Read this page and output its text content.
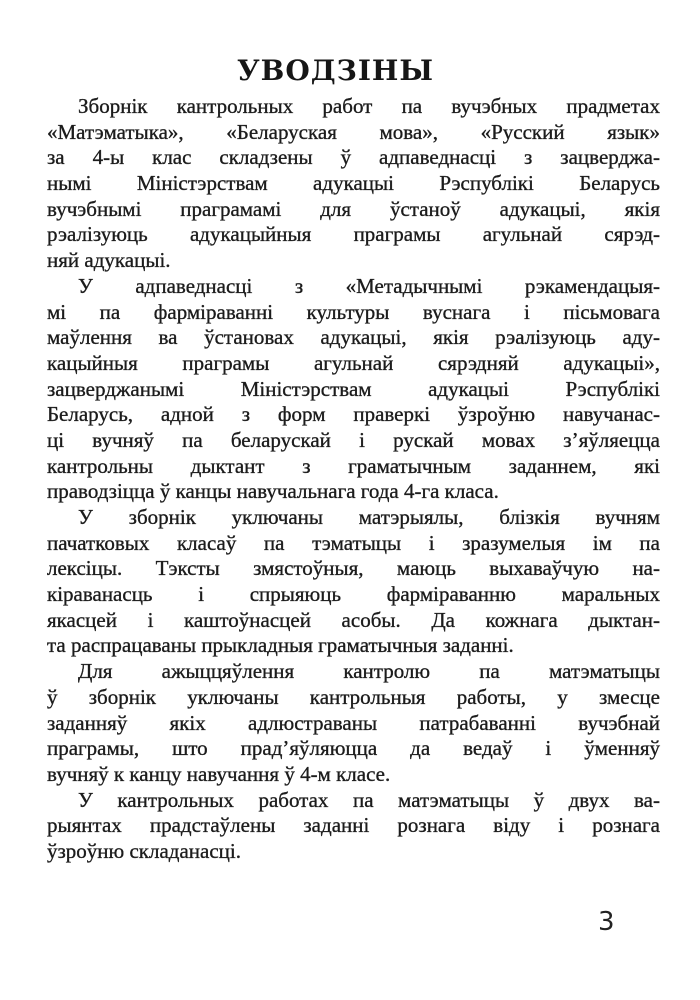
УВОДЗІНЫ
Зборнік кантрольных работ па вучэбных прадметах
«Матэматыка», «Беларуская мова», «Русский язык»
за 4-ы клас складзены ў адпаведнасці з зацверджа-
нымі Міністэрствам адукацыі Рэспублікі Беларусь
вучэбнымі праграмамі для ўстаноў адукацыі, якія
рэалізуюць адукацыйныя праграмы агульнай сярэд-
няй адукацыі.
У адпаведнасці з «Метадычнымі рэкамендацыя-
мі па фарміраванні культуры вуснага і пісьмовага
маўлення ва ўстановах адукацыі, якія рэалізуюць аду-
кацыйныя праграмы агульнай сярэдняй адукацыі»,
зацверджанымі Міністэрствам адукацыі Рэспублікі
Беларусь, адной з форм праверкі ўзроўню навучанас-
ці вучняў па беларускай і рускай мовах з’яўляецца
кантрольны дыктант з граматычным заданнем, які
праводзіцца ў канцы навучальнага года 4-га класа.
У зборнік уключаны матэрыялы, блізкія вучням
пачатковых класаў па тэматыцы і зразумелыя ім па
лексіцы. Тэксты змястоўныя, маюць выхаваўчую на-
кіраванасць і спрыяюць фарміраванню маральных
якасцей і каштоўнасцей асобы. Да кожнага дыктан-
та распрацаваны прыкладныя граматычныя заданні.
Для ажыццяўлення кантролю па матэматыцы
ў зборнік уключаны кантрольныя работы, у змесце
заданняў якіх адлюстраваны патрабаванні вучэбнай
праграмы, што прад’яўляюцца да ведаў і ўменняў
вучняў к канцу навучання ў 4-м класе.
У кантрольных работах па матэматыцы ў двух ва-
рыянтах прадстаўлены заданні рознага віду і рознага
ўзроўню складанасці.
3
